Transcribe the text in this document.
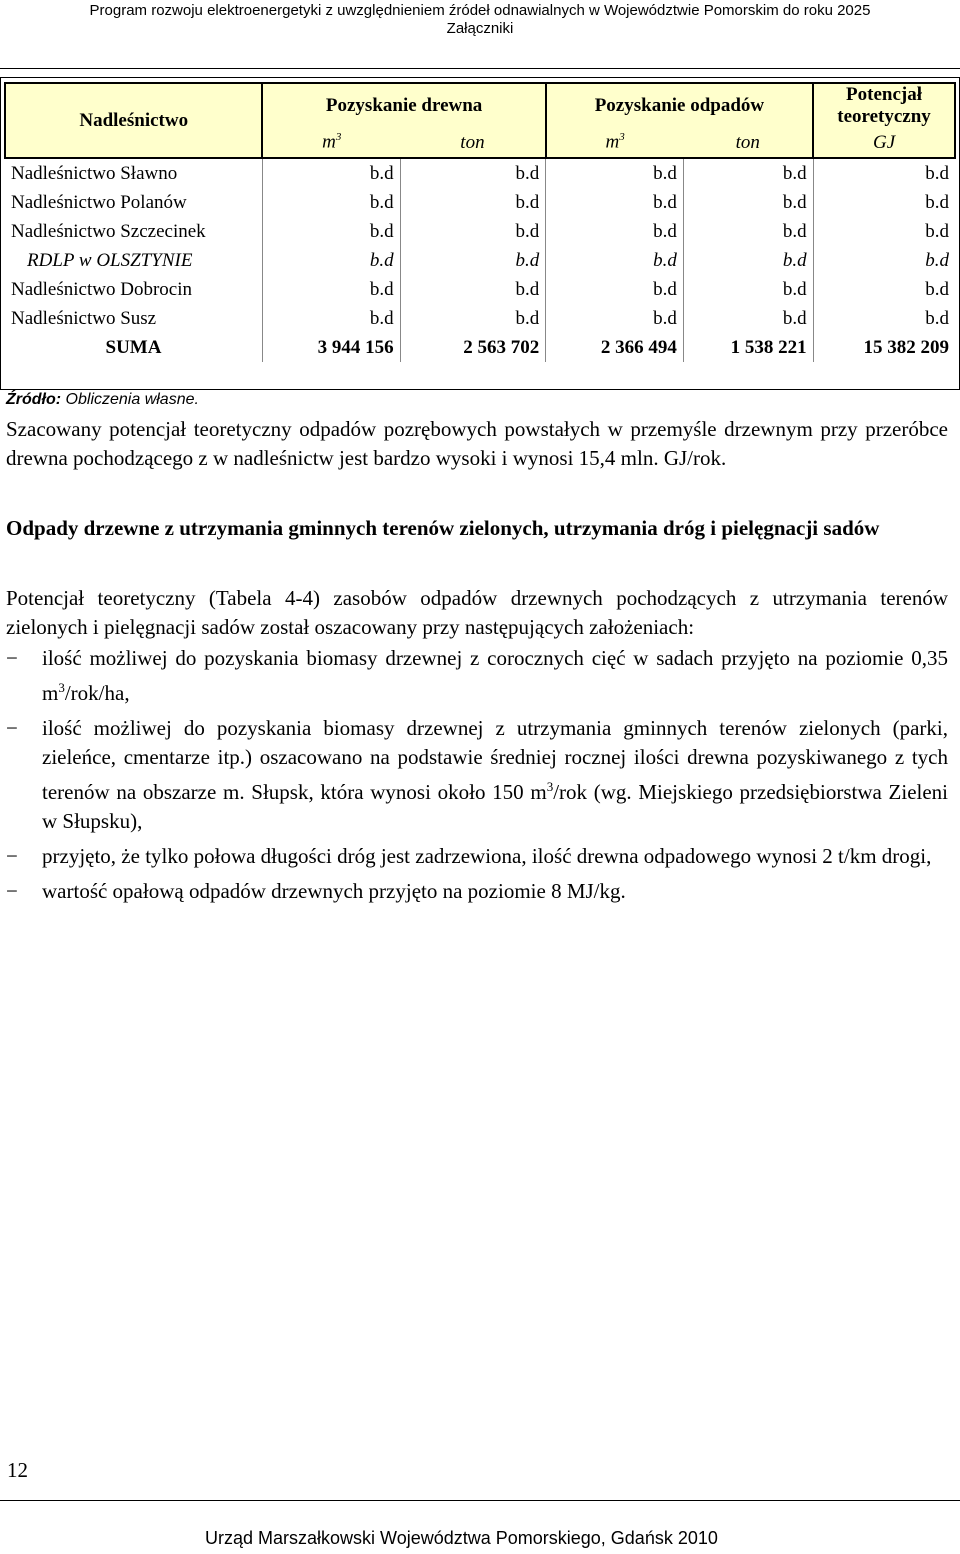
Program rozwoju elektroenergetyki z uwzględnieniem źródeł odnawialnych w Województwie Pomorskim do roku 2025
Załączniki
Nadleśnictwo	Pozyskanie drewna		Pozyskanie odpadów		Potencjał teoretyczny
	$m^3$	ton	$m^3$	ton	GJ
Nadleśnictwo Sławno	b.d	b.d	b.d	b.d	b.d
Nadleśnictwo Polanów	b.d	b.d	b.d	b.d	b.d
Nadleśnictwo Szczecinek	b.d	b.d	b.d	b.d	b.d
RDLP w OLSZTYNIE	b.d	b.d	b.d	b.d	b.d
Nadleśnictwo Dobrocin	b.d	b.d	b.d	b.d	b.d
Nadleśnictwo Susz	b.d	b.d	b.d	b.d	b.d
SUMA	3 944 156	2 563 702	2 366 494	1 538 221	15 382 209
Źródło: Obliczenia własne.
Szacowany potencjał teoretyczny odpadów pozrębowych powstałych w przemyśle drzewnym przy przeróbce drewna pochodzącego z w nadleśnictw jest bardzo wysoki i wynosi 15,4 mln. GJ/rok.
Odpady drzewne z utrzymania gminnych terenów zielonych, utrzymania dróg i pielęgnacji sadów
Potencjał teoretyczny (Tabela 4-4) zasobów odpadów drzewnych pochodzących z utrzymania terenów zielonych i pielęgnacji sadów został oszacowany przy następujących założeniach:
− ilość możliwej do pozyskania biomasy drzewnej z corocznych cięć w sadach przyjęto na poziomie 0,35 $m^3/rok/ha$,
− ilość możliwej do pozyskania biomasy drzewnej z utrzymania gminnych terenów zielonych (parki, zieleńce, cmentarze itp.) oszacowano na podstawie średniej rocznej ilości drewna pozyskiwanego z tych terenów na obszarze m. Słupsk, która wynosi około 150 $m^3$/rok (wg. Miejskiego przedsiębiorstwa Zieleni w Słupsku),
− przyjęto, że tylko połowa długości dróg jest zadrzewiona, ilość drewna odpadowego wynosi 2 t/km drogi,
− wartość opałową odpadów drzewnych przyjęto na poziomie 8 MJ/kg.
12
Urząd Marszałkowski Województwa Pomorskiego, Gdańsk 2010
